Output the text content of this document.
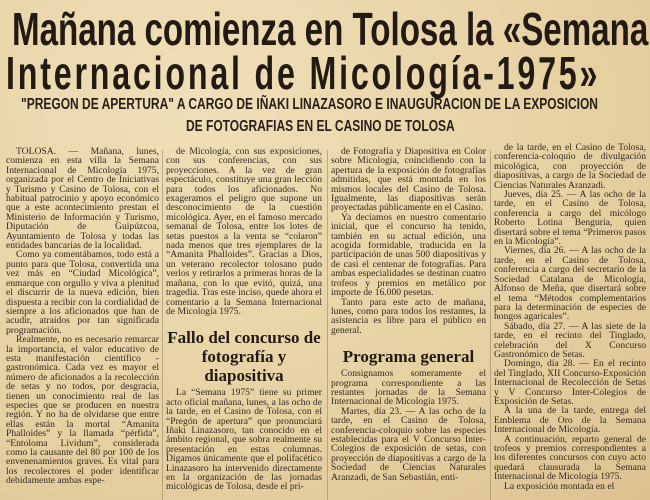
Mañana comienza en Tolosa la «Semana
Internacional de Micología-1975»
"PREGON DE APERTURA" A CARGO DE IÑAKI LINAZASORO E INAUGURACION DE LA EXPOSICION
DE FOTOGRAFIAS EN EL CASINO DE TOLOSA

TOLOSA. — Mañana, lunes, comienza en esta villa la Semana Internacional de Micología 1975, organizada por el Centro de Iniciativas y Turismo y Casino de Tolosa, con el habitual patrocinio y apoyo económico que a este acontecimiento prestan el Ministerio de Información y Turismo, Diputación de Guipúzcoa, Ayuntamiento de Tolosa y todas las entidades bancarias de la localidad.

Como ya comentábamos, todo está a punto para que Tolosa, convertida una vez más en “Ciudad Micológica”, enmarque con orgullo y viva a plenitud el discurrir de la nueva edición, bien dispuesta a recibir con la cordialidad de siempre a los aficionados que han de acudir, atraídos por tan significada programación.

Realmente, no es necesario remarcar la importancia, el valor educativo de esta manifestación científico - gastronómica. Cada vez es mayor el número de aficionados a la recolección de setas y no todos, por desgracia, tienen un conocimiento real de las especies que se producen en nuestra región. Y no ha de olvidarse que entre ellas están la mortal “Amanita Phalloides” y la llamada “pérfida”, “Entoloma Lividum”, considerada como la causante del 80 por 100 de los envenenamientos graves. Es vital para los recolectores el poder identificar debidamente ambas espe-

de Micología, con sus exposiciones, con sus conferencias, con sus proyecciones. A la vez de gran espectáculo, constituye una gran lección para todos los aficionados. No exageramos el peligro que supone un desconocimiento de la cuestión micológica. Ayer, en el famoso mercado semanal de Tolosa, entre los lotes de setas puestos a la venta se “colaron” nada menos que tres ejemplares de la “Amanita Phalloides”. Gracias a Dios, un veterano recolector tolosano pudo verlos y retirarlos a primeras horas de la mañana, con lo que evitó, quizá, una tragedia. Tras este inciso, quede ahora el comentario a la Semana Internacional de Micología 1975.

Fallo del concurso de fotografía y diapositiva

La “Semana 1975” tiene su primer acto oficial mañana, lunes, a las ocho de la tarde, en el Casino de Tolosa, con el “Pregón de apertura” que pronunciará Iñaki Linazasoro, tan conocido en el ámbito regional, que sobra realmente su presentación en estas columnas. Digamos únicamente que el polifacético Linazasoro ha intervenido directamente en la organización de las jornadas micológicas de Tolosa, desde el pri-

de Fotografía y Diapositiva en Color sobre Micología, coincidiendo con la apertura de la exposición de fotografías admitidas, que está montada en los mismos locales del Casino de Tolosa. Igualmente, las diapositivas serán proyectadas públicamente en el Casino.

Ya decíamos en nuestro comentario inicial, que el concurso ha tenido, también en su actual edición, una acogida formidable, traducida en la participación de unas 500 diapositivas y de casi el centenar de fotografías. Para ambas especialidades se destinan cuatro trofeos y premios en metálico por importe de 16.000 pesetas.

Tanto para este acto de mañana, lunes, como para todos los restantes, la asistencia es libre para el público en general.

Programa general

Consignamos someramente el programa correspondiente a las restantes jornadas de la Semana Internacional de Micología 1975.

Martes, día 23. — A las ocho de la tarde, en el Casino de Tolosa, conferencia-coloquio sobre las especies establecidas para el V Concurso Inter-Colegios de exposición de setas, con proyección de diapositivas a cargo de la Sociedad de Ciencias Naturales Aranzadi, de San Sebastián, enti-

de la tarde, en el Casino de Tolosa, conferencia-coloquio de divulgación micológica, con proyección de diapositivas, a cargo de la Sociedad de Ciencias Naturales Aranzadi.

Jueves, día 25. — A las ocho de la tarde, en el Casino de Tolosa, conferencia a cargo del micólogo Roberto Lotina Benguria, quien disertará sobre el tema “Primeros pasos en la Micología”.

Viernes, día 26. — A las ocho de la tarde, en el Casino de Tolosa, conferencia a cargo del secretario de la Sociedad Catalana de Micología, Alfonso de Meña, que disertará sobre el tema “Métodos complementarios para la determinación de especies de hongos agaricales”.

Sábado, día 27. — A las siete de la tarde, en el recinto del Tinglado, celebración del X Concurso Gastronómico de Setas.

Domingo, día 28. — En el recinto del Tinglado, XII Concurso-Exposición Internacional de Recolección de Setas y V Concurso Inter-Colegios de Exposición de Setas.

A la una de la tarde, entrega del Emblema de Oro de la Semana Internacional de Micología.

A continuación, reparto general de trofeos y premios correspondientes a los diferentes concursos con cuyo acto quedará clausurada la Semana Internacional de Micología 1975.

La exposición montada en el
